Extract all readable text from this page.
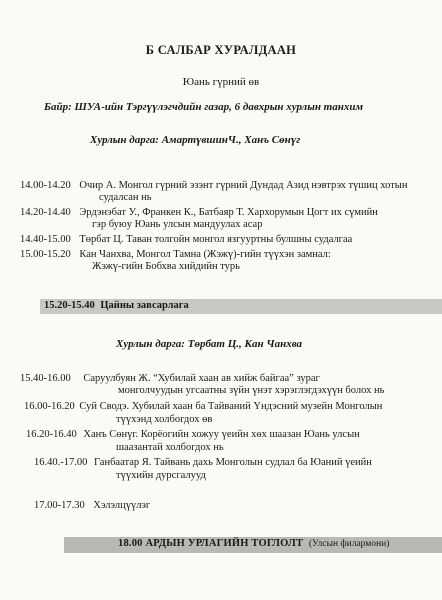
Б САЛБАР ХУРАЛДААН
Юань гүрний өв
Байр: ШУА-ийн Тэргүүлэгчдийн газар, 6 давхрын хурлын танхим
Хурлын дарга: АмартүвшинЧ., Ханъ Сөнүг
14.00-14.20 Очир А. Монгол гүрний эзэнт гүрний Дундад Азид нэвтрэх түшиц хотын
судалсан нь
14.20-14.40 Эрдэнэбат У., Франкен К., Батбаяр Т. Хархорумын Цогт их сүмийн
гэр буюу Юань улсын мандуулах асар
14.40-15.00 Төрбат Ц. Таван толгойн монгол язгууртны булшны судалгаа
15.00-15.20 Кан Чанхва, Монгол Тамна (Жэжү)-гийн түүхэн замнал:
Жэжү-гийн Бобхва хийдийн турь
15.20-15.40 Цайны завсарлага
Хурлын дарга: Төрбат Ц., Кан Чанхва
15.40-16.00 Саруулбуян Ж. “Хубилай хаан ав хийж байгаа” зураг
монголчуудын угсаатны зүйн үнэт хэрэглэгдэхүүн болох нь
16.00-16.20 Суй Сводэ. Хубилай хаан ба Тайваний Үндэсний музейн Монголын
түүхэнд холбогдох өв
16.20-16.40 Ханъ Сөнүг. Корёогийн хожуу үеийн хөх шаазан Юань улсын
шаазантай холбогдох нь
16.40.-17.00 Ганбаатар Я. Тайвань дахь Монголын судлал ба Юаний үеийн
түүхийн дурсгалууд
17.00-17.30 Хэлэлцүүлэг
18.00 АРДЫН УРЛАГИЙН ТОГЛОЛТ (Улсын филармони)
